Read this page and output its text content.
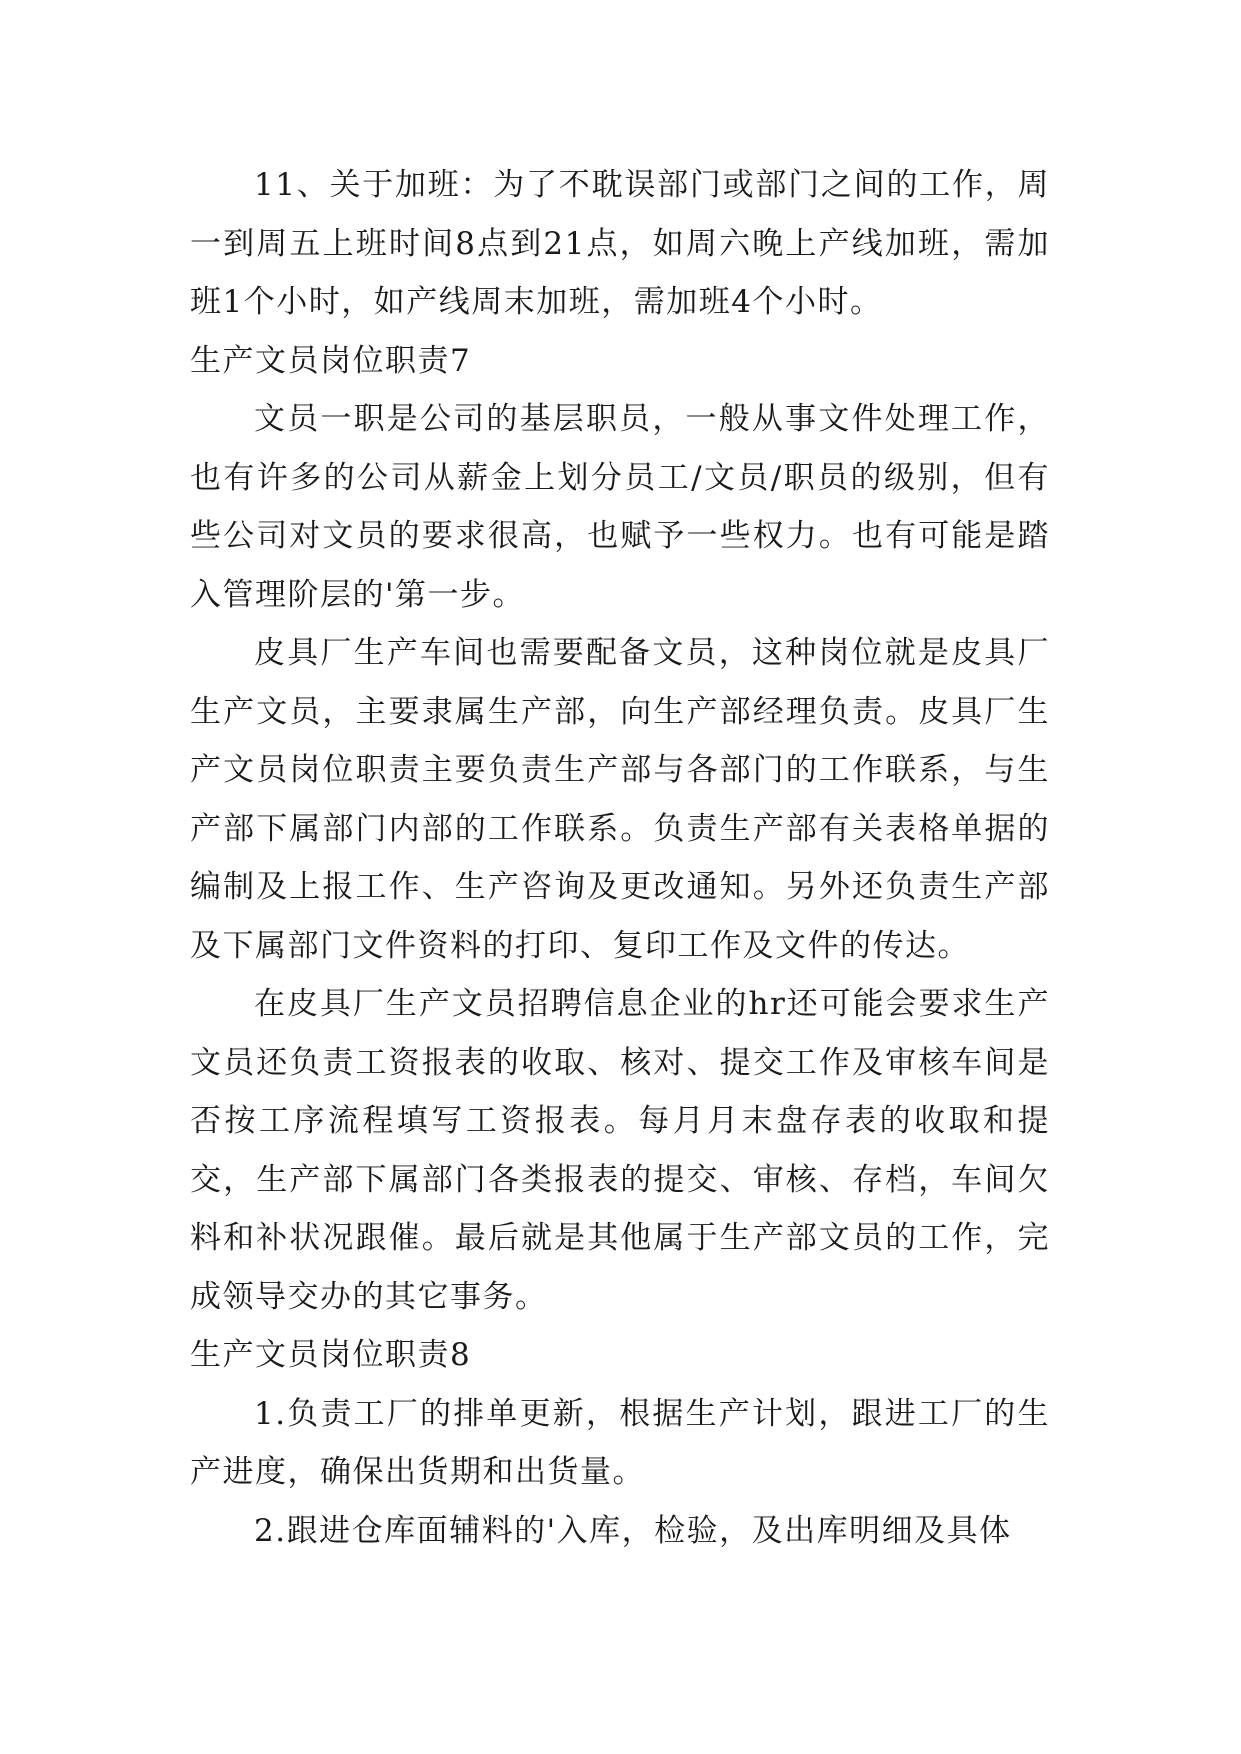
11、关于加班：为了不耽误部门或部门之间的工作，周一到周五上班时间8点到21点，如周六晚上产线加班，需加班1个小时，如产线周末加班，需加班4个小时。

生产文员岗位职责7

文员一职是公司的基层职员，一般从事文件处理工作，也有许多的公司从薪金上划分员工/文员/职员的级别，但有些公司对文员的要求很高，也赋予一些权力。也有可能是踏入管理阶层的'第一步。

皮具厂生产车间也需要配备文员，这种岗位就是皮具厂生产文员，主要隶属生产部，向生产部经理负责。皮具厂生产文员岗位职责主要负责生产部与各部门的工作联系，与生产部下属部门内部的工作联系。负责生产部有关表格单据的编制及上报工作、生产咨询及更改通知。另外还负责生产部及下属部门文件资料的打印、复印工作及文件的传达。

在皮具厂生产文员招聘信息企业的hr还可能会要求生产文员还负责工资报表的收取、核对、提交工作及审核车间是否按工序流程填写工资报表。每月月末盘存表的收取和提交，生产部下属部门各类报表的提交、审核、存档，车间欠料和补状况跟催。最后就是其他属于生产部文员的工作，完成领导交办的其它事务。

生产文员岗位职责8

1.负责工厂的排单更新，根据生产计划，跟进工厂的生产进度，确保出货期和出货量。

2.跟进仓库面辅料的'入库，检验，及出库明细及具体
